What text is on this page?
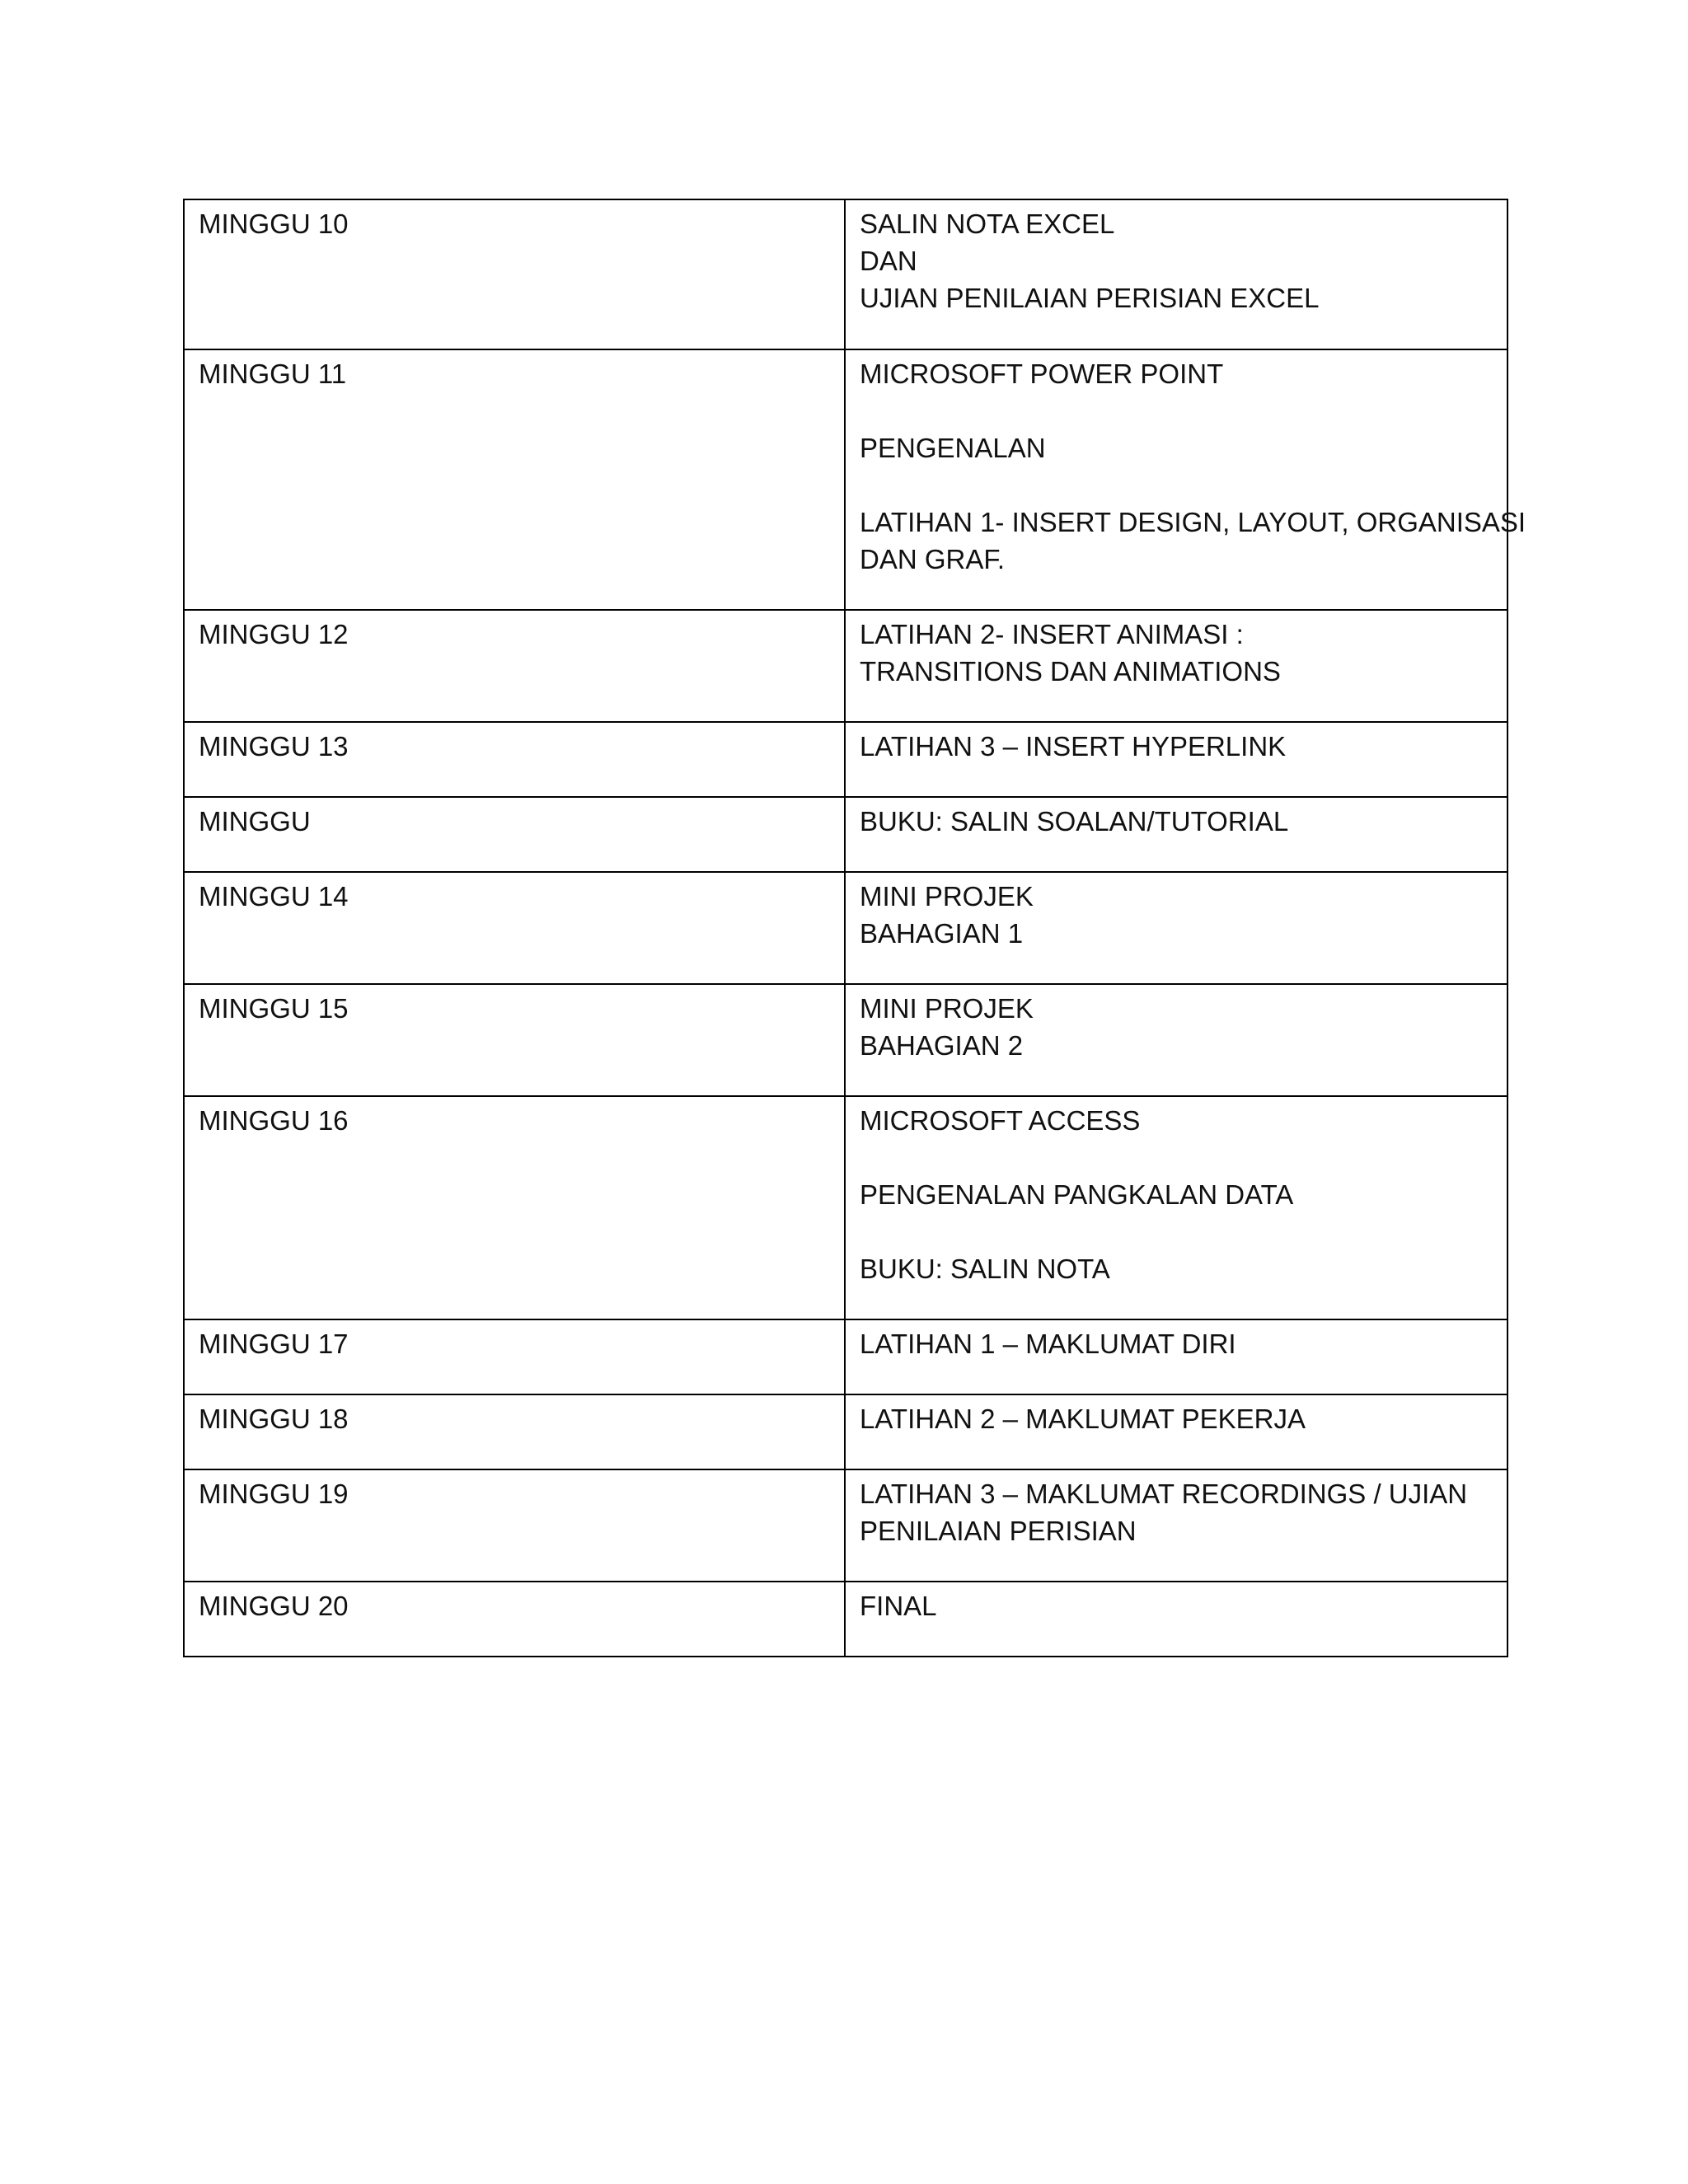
MINGGU 10	SALIN NOTA EXCEL
DAN
UJIAN PENILAIAN PERISIAN EXCEL

MINGGU 11	MICROSOFT POWER POINT
PENGENALAN
LATIHAN 1- INSERT DESIGN, LAYOUT, ORGANISASI
DAN GRAF.

MINGGU 12	LATIHAN 2- INSERT ANIMASI :
TRANSITIONS DAN ANIMATIONS

MINGGU 13	LATIHAN 3 – INSERT HYPERLINK

MINGGU	BUKU: SALIN SOALAN/TUTORIAL

MINGGU 14	MINI PROJEK
BAHAGIAN 1

MINGGU 15	MINI PROJEK
BAHAGIAN 2

MINGGU 16	MICROSOFT ACCESS
PENGENALAN PANGKALAN DATA
BUKU: SALIN NOTA

MINGGU 17	LATIHAN 1 – MAKLUMAT DIRI

MINGGU 18	LATIHAN 2 – MAKLUMAT PEKERJA

MINGGU 19	LATIHAN 3 – MAKLUMAT RECORDINGS / UJIAN
PENILAIAN PERISIAN

MINGGU 20	FINAL
